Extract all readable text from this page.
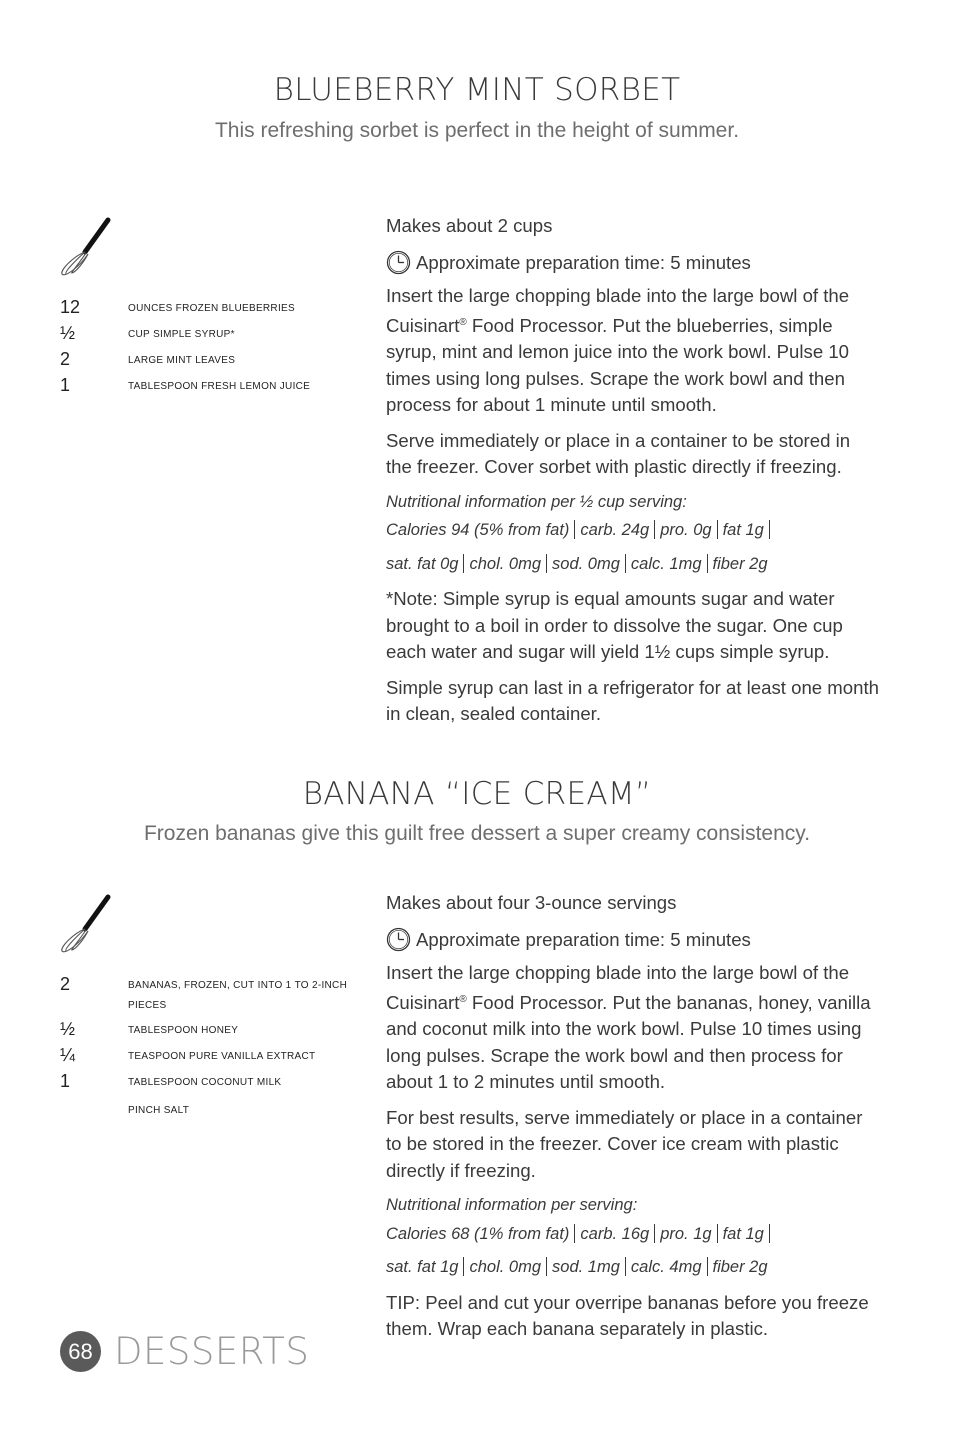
BLUEBERRY MINT SORBET
This refreshing sorbet is perfect in the height of summer.
12	ounces frozen blueberries
½	cup simple syrup*
2	large mint leaves
1	tablespoon fresh lemon juice

Makes about 2 cups

Approximate preparation time: 5 minutes

Insert the large chopping blade into the large bowl of the Cuisinart® Food Processor. Put the blueberries, simple syrup, mint and lemon juice into the work bowl. Pulse 10 times using long pulses. Scrape the work bowl and then process for about 1 minute until smooth.

Serve immediately or place in a container to be stored in the freezer. Cover sorbet with plastic directly if freezing.

Nutritional information per ½ cup serving:

Calories 94 (5% from fat) carb. 24g pro. 0g fat 1g

sat. fat 0g chol. 0mg sod. 0mg calc. 1mg fiber 2g

*Note: Simple syrup is equal amounts sugar and water brought to a boil in order to dissolve the sugar. One cup each water and sugar will yield 1½ cups simple syrup.

Simple syrup can last in a refrigerator for at least one month in clean, sealed container.

BANANA “ICE CREAM”
Frozen bananas give this guilt free dessert a super creamy consistency.
2	bananas, frozen, cut into 1 to 2-inch pieces
½	tablespoon honey
¼	teaspoon pure vanilla extract
1	tablespoon coconut milk
pinch salt

Makes about four 3-ounce servings

Approximate preparation time: 5 minutes

Insert the large chopping blade into the large bowl of the Cuisinart® Food Processor. Put the bananas, honey, vanilla and coconut milk into the work bowl. Pulse 10 times using long pulses. Scrape the work bowl and then process for about 1 to 2 minutes until smooth.

For best results, serve immediately or place in a container to be stored in the freezer. Cover ice cream with plastic directly if freezing.

Nutritional information per serving:

Calories 68 (1% from fat) carb. 16g pro. 1g fat 1g

sat. fat 1g chol. 0mg sod. 1mg calc. 4mg fiber 2g

TIP: Peel and cut your overripe bananas before you freeze them. Wrap each banana separately in plastic.

68 DESSERTS
